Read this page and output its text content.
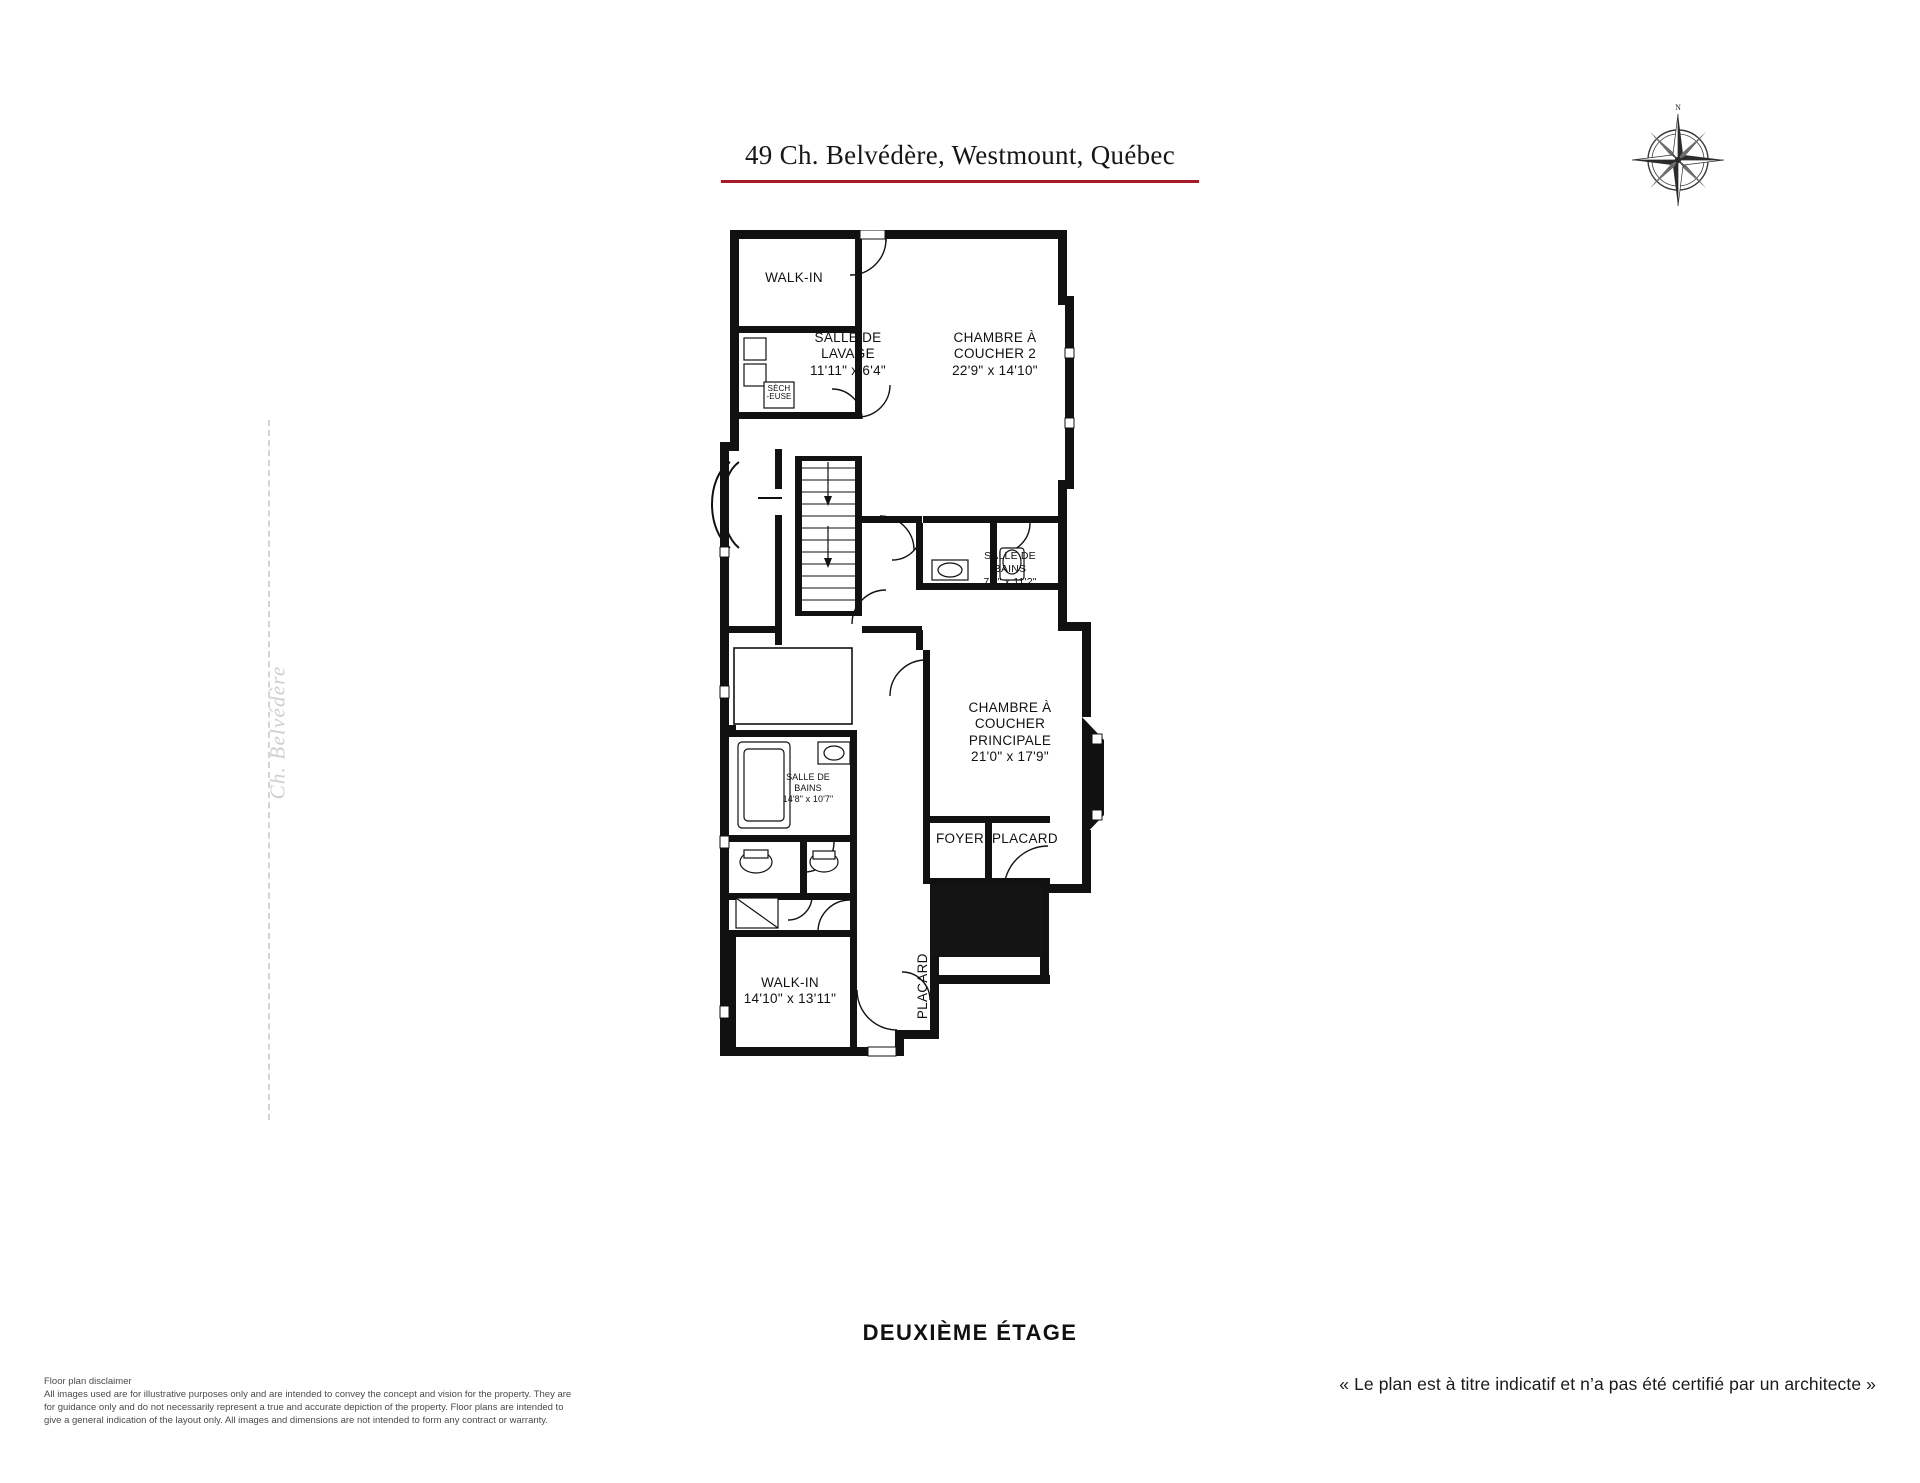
49 Ch. Belvédère, Westmount, Québec
N
Ch. Belvédère
WALK-IN
SALLE DE
LAVAGE
11'11" x 6'4"
SÈCH
-EUSE
CHAMBRE À
COUCHER 2
22'9" x 14'10"
SALLE DE
BAINS
7'9" x 11'2"
CHAMBRE À
COUCHER
PRINCIPALE
21'0" x 17'9"
SALLE DE
BAINS
14'8" x 10'7"
WALK-IN
14'10" x 13'11"
FOYER PLACARD
PLACARD
DEUXIÈME ÉTAGE
Floor plan disclaimer
All images used are for illustrative purposes only and are intended to convey the concept and vision for the property. They are for guidance only and do not necessarily represent a true and accurate depiction of the property. Floor plans are intended to give a general indication of the layout only. All images and dimensions are not intended to form any contract or warranty.
« Le plan est à titre indicatif et n’a pas été certifié par un architecte »
